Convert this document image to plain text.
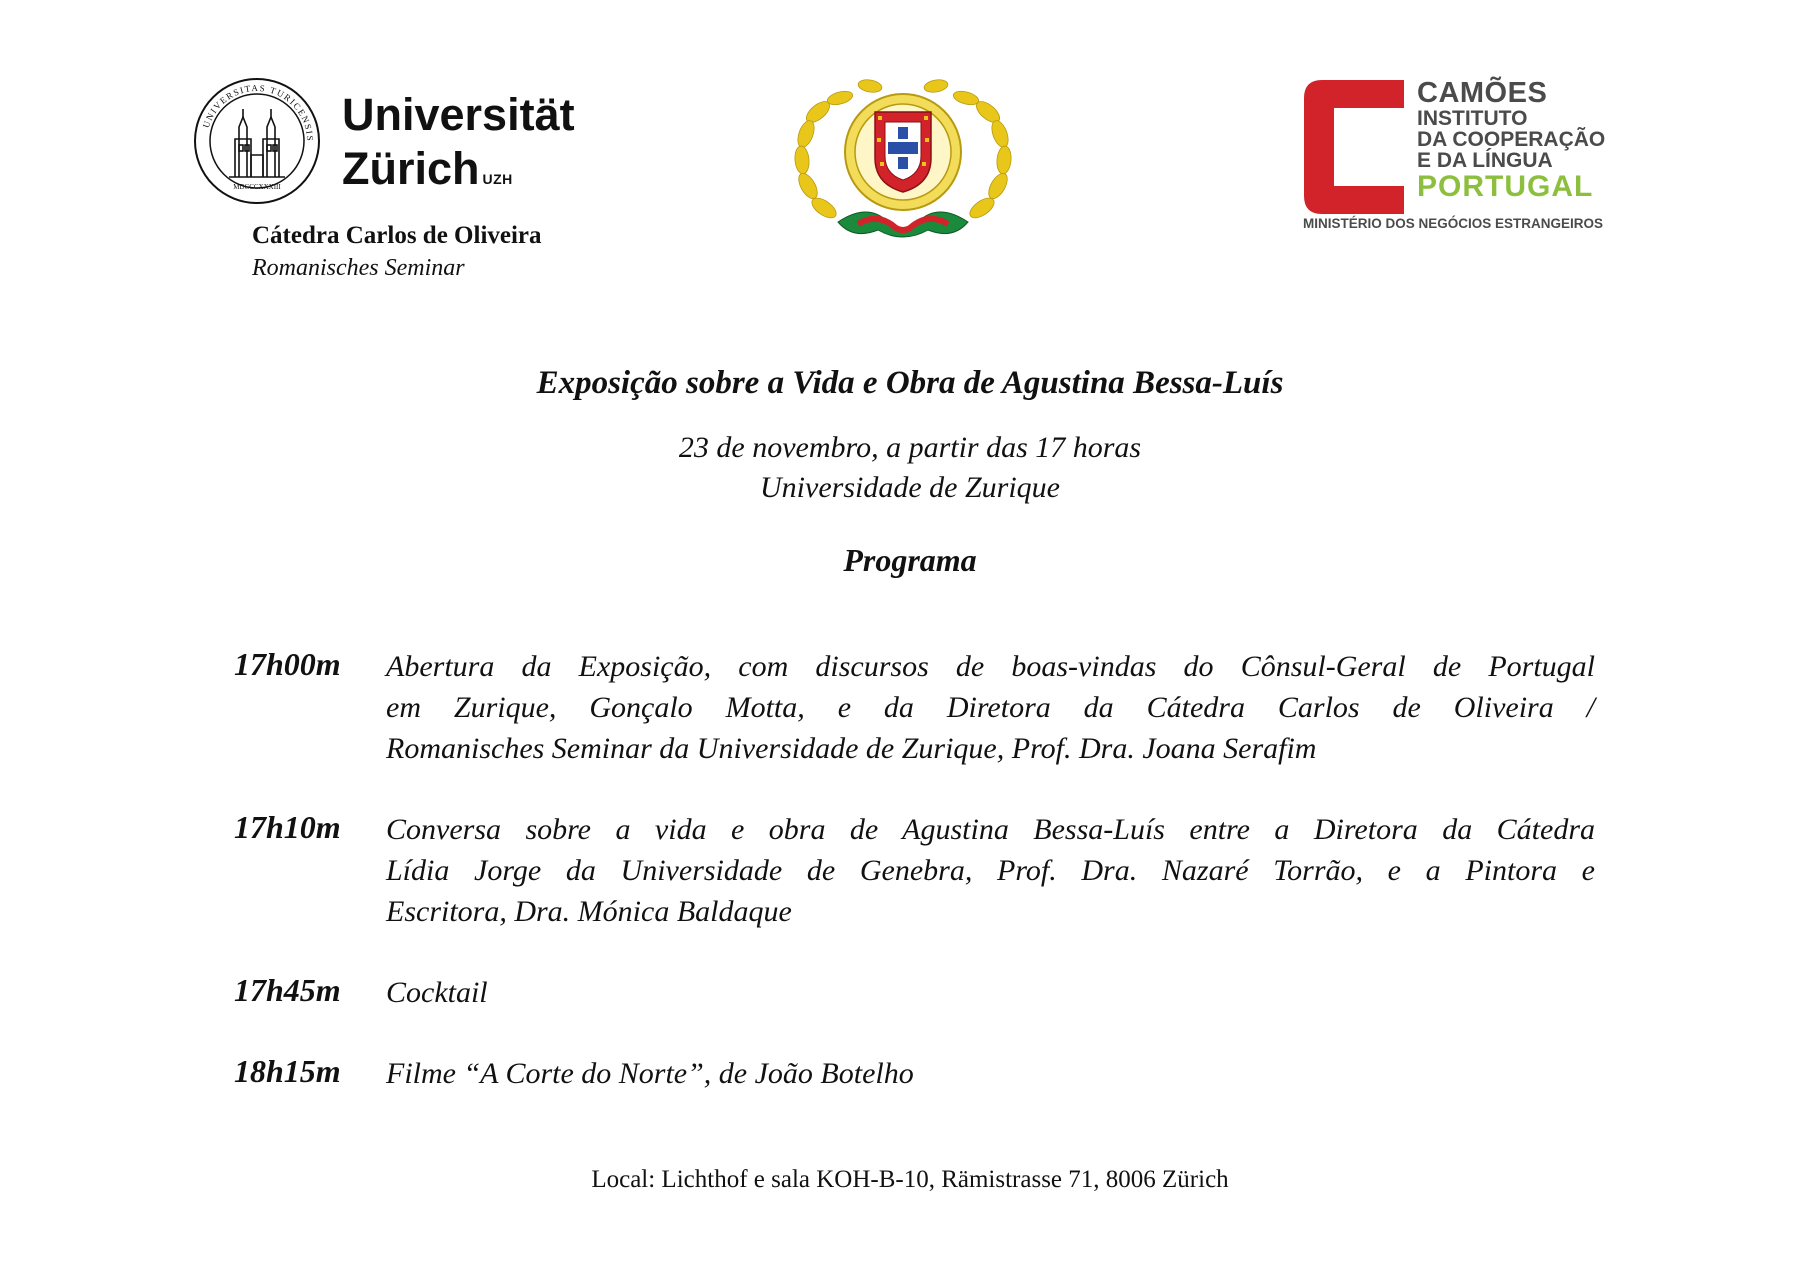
UNIVERSITAS TURICENSIS
MDCCCXXXIII
Universität
Zürich $^{UZH}$
Cátedra Carlos de Oliveira
Romanisches Seminar
CAMÕES
INSTITUTO
DA COOPERAÇÃO
E DA LÍNGUA
PORTUGAL
MINISTÉRIO DOS NEGÓCIOS ESTRANGEIROS
Exposição sobre a Vida e Obra de Agustina Bessa-Luís
23 de novembro, a partir das 17 horas
Universidade de Zurique
Programa
17h00m Abertura da Exposição, com discursos de boas-vindas do Cônsul-Geral de Portugal
em Zurique, Gonçalo Motta, e da Diretora da Cátedra Carlos de Oliveira /
Romanisches Seminar da Universidade de Zurique, Prof. Dra. Joana Serafim
17h10m Conversa sobre a vida e obra de Agustina Bessa-Luís entre a Diretora da Cátedra
Lídia Jorge da Universidade de Genebra, Prof. Dra. Nazaré Torrão, e a Pintora e
Escritora, Dra. Mónica Baldaque
17h45m Cocktail
18h15m Filme “A Corte do Norte”, de João Botelho
Local: Lichthof e sala KOH-B-10, Rämistrasse 71, 8006 Zürich
